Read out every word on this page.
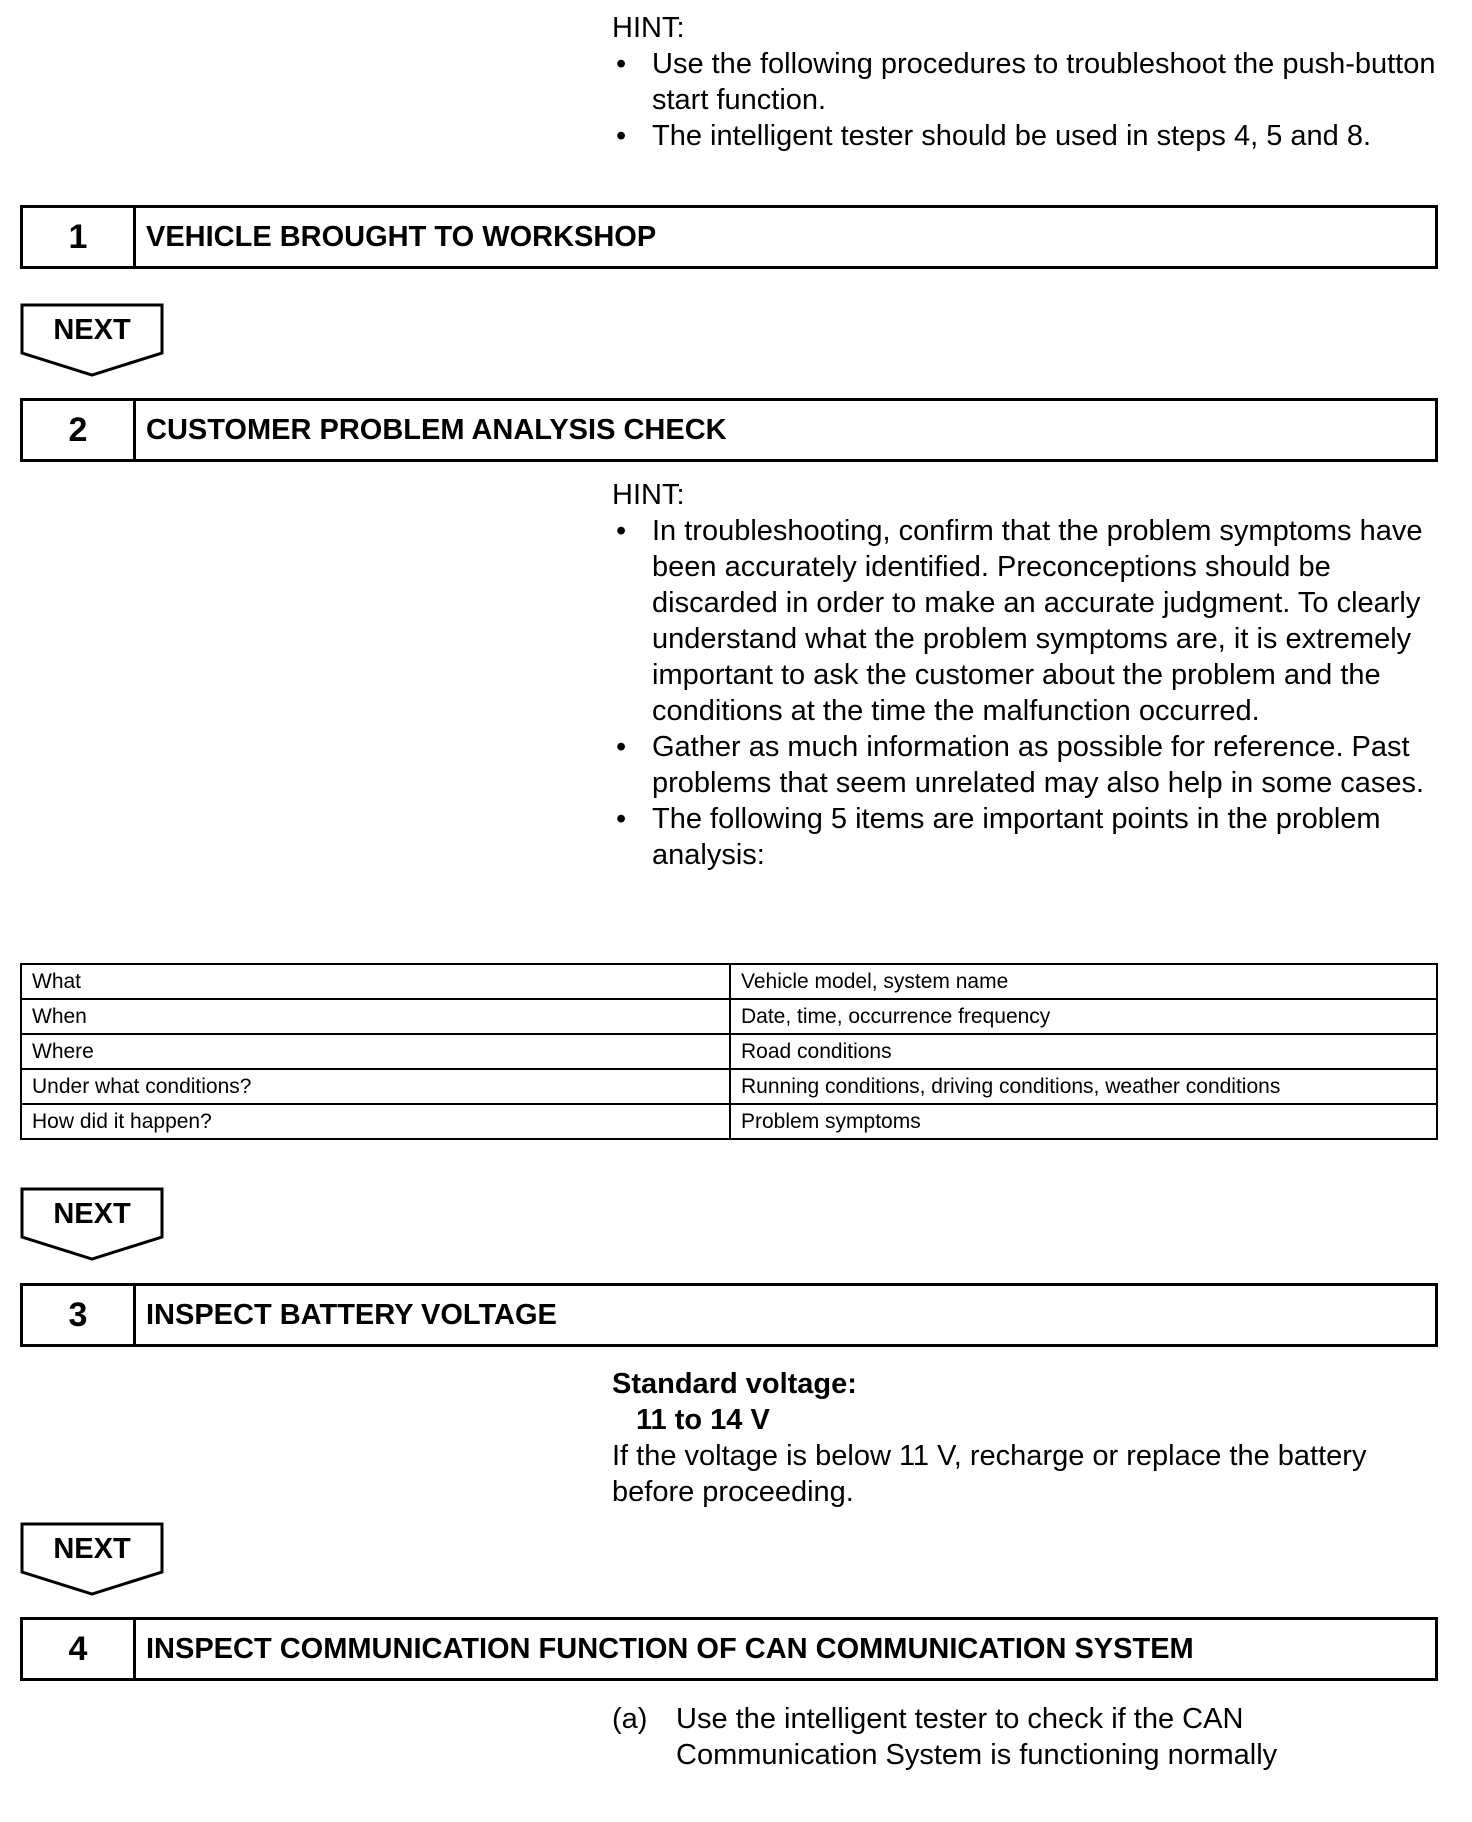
HINT:
• Use the following procedures to troubleshoot the push-button start function.
• The intelligent tester should be used in steps 4, 5 and 8.
1	VEHICLE BROUGHT TO WORKSHOP
NEXT
2	CUSTOMER PROBLEM ANALYSIS CHECK
HINT:
• In troubleshooting, confirm that the problem symptoms have been accurately identified. Preconceptions should be discarded in order to make an accurate judgment. To clearly understand what the problem symptoms are, it is extremely important to ask the customer about the problem and the conditions at the time the malfunction occurred.
• Gather as much information as possible for reference. Past problems that seem unrelated may also help in some cases.
• The following 5 items are important points in the problem analysis:
What	Vehicle model, system name
When	Date, time, occurrence frequency
Where	Road conditions
Under what conditions?	Running conditions, driving conditions, weather conditions
How did it happen?	Problem symptoms
NEXT
3	INSPECT BATTERY VOLTAGE
Standard voltage:
11 to 14 V
If the voltage is below 11 V, recharge or replace the battery before proceeding.
NEXT
4	INSPECT COMMUNICATION FUNCTION OF CAN COMMUNICATION SYSTEM
(a) Use the intelligent tester to check if the CAN Communication System is functioning normally
